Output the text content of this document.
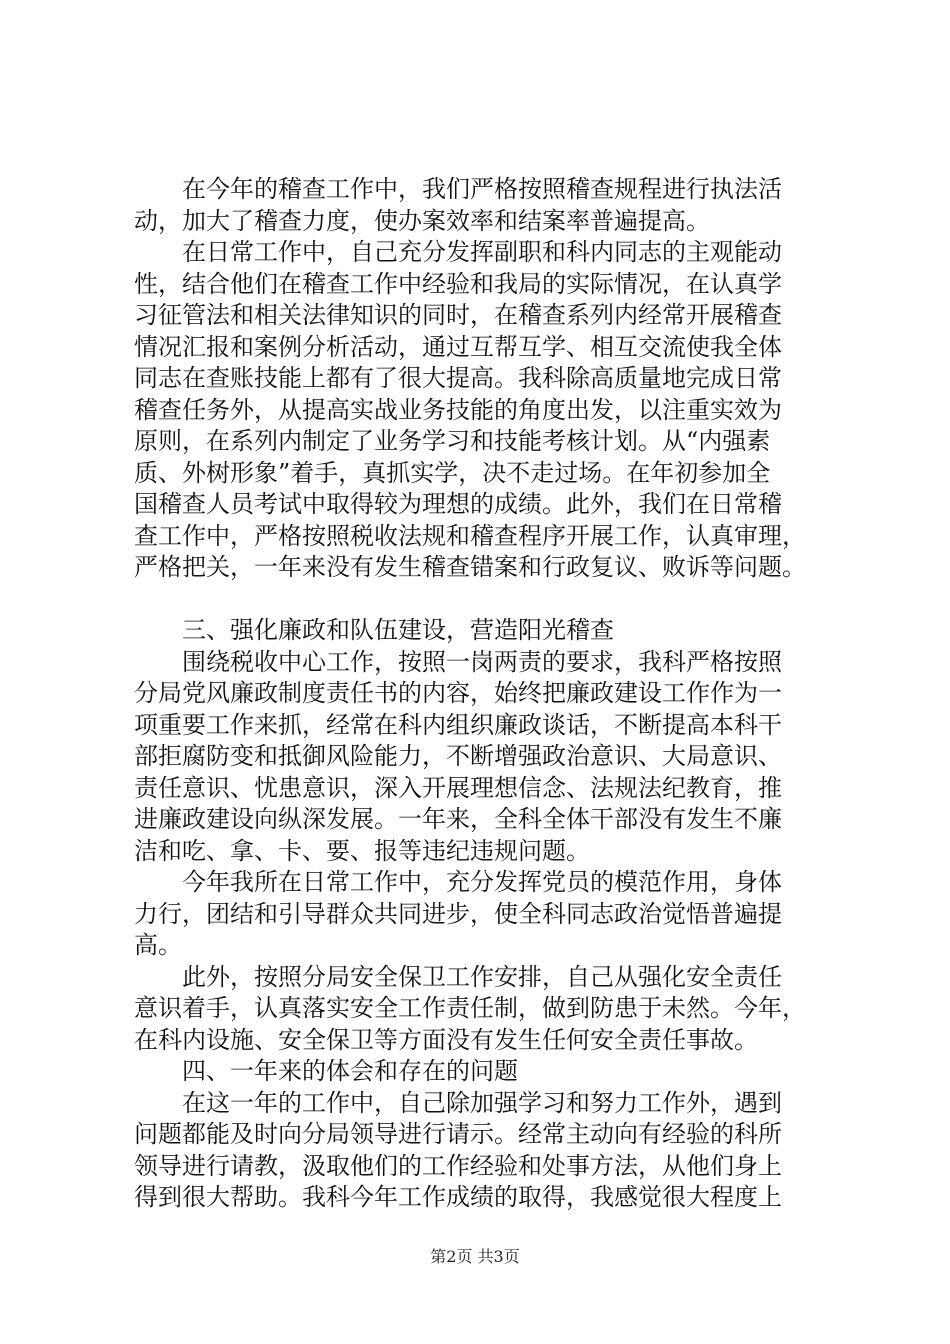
在今年的稽查工作中，我们严格按照稽查规程进行执法活
动，加大了稽查力度，使办案效率和结案率普遍提高。
在日常工作中，自己充分发挥副职和科内同志的主观能动
性，结合他们在稽查工作中经验和我局的实际情况，在认真学
习征管法和相关法律知识的同时，在稽查系列内经常开展稽查
情况汇报和案例分析活动，通过互帮互学、相互交流使我全体
同志在查账技能上都有了很大提高。我科除高质量地完成日常
稽查任务外，从提高实战业务技能的角度出发，以注重实效为
原则，在系列内制定了业务学习和技能考核计划。从“内强素
质、外树形象”着手，真抓实学，决不走过场。在年初参加全
国稽查人员考试中取得较为理想的成绩。此外，我们在日常稽
查工作中，严格按照税收法规和稽查程序开展工作，认真审理，
严格把关，一年来没有发生稽查错案和行政复议、败诉等问题。
三、强化廉政和队伍建设，营造阳光稽查
围绕税收中心工作，按照一岗两责的要求，我科严格按照
分局党风廉政制度责任书的内容，始终把廉政建设工作作为一
项重要工作来抓，经常在科内组织廉政谈话，不断提高本科干
部拒腐防变和抵御风险能力，不断增强政治意识、大局意识、
责任意识、忧患意识，深入开展理想信念、法规法纪教育，推
进廉政建设向纵深发展。一年来，全科全体干部没有发生不廉
洁和吃、拿、卡、要、报等违纪违规问题。
今年我所在日常工作中，充分发挥党员的模范作用，身体
力行，团结和引导群众共同进步，使全科同志政治觉悟普遍提
高。
此外，按照分局安全保卫工作安排，自己从强化安全责任
意识着手，认真落实安全工作责任制，做到防患于未然。今年，
在科内设施、安全保卫等方面没有发生任何安全责任事故。
四、一年来的体会和存在的问题
在这一年的工作中，自己除加强学习和努力工作外，遇到
问题都能及时向分局领导进行请示。经常主动向有经验的科所
领导进行请教，汲取他们的工作经验和处事方法，从他们身上
得到很大帮助。我科今年工作成绩的取得，我感觉很大程度上
第2页 共3页
